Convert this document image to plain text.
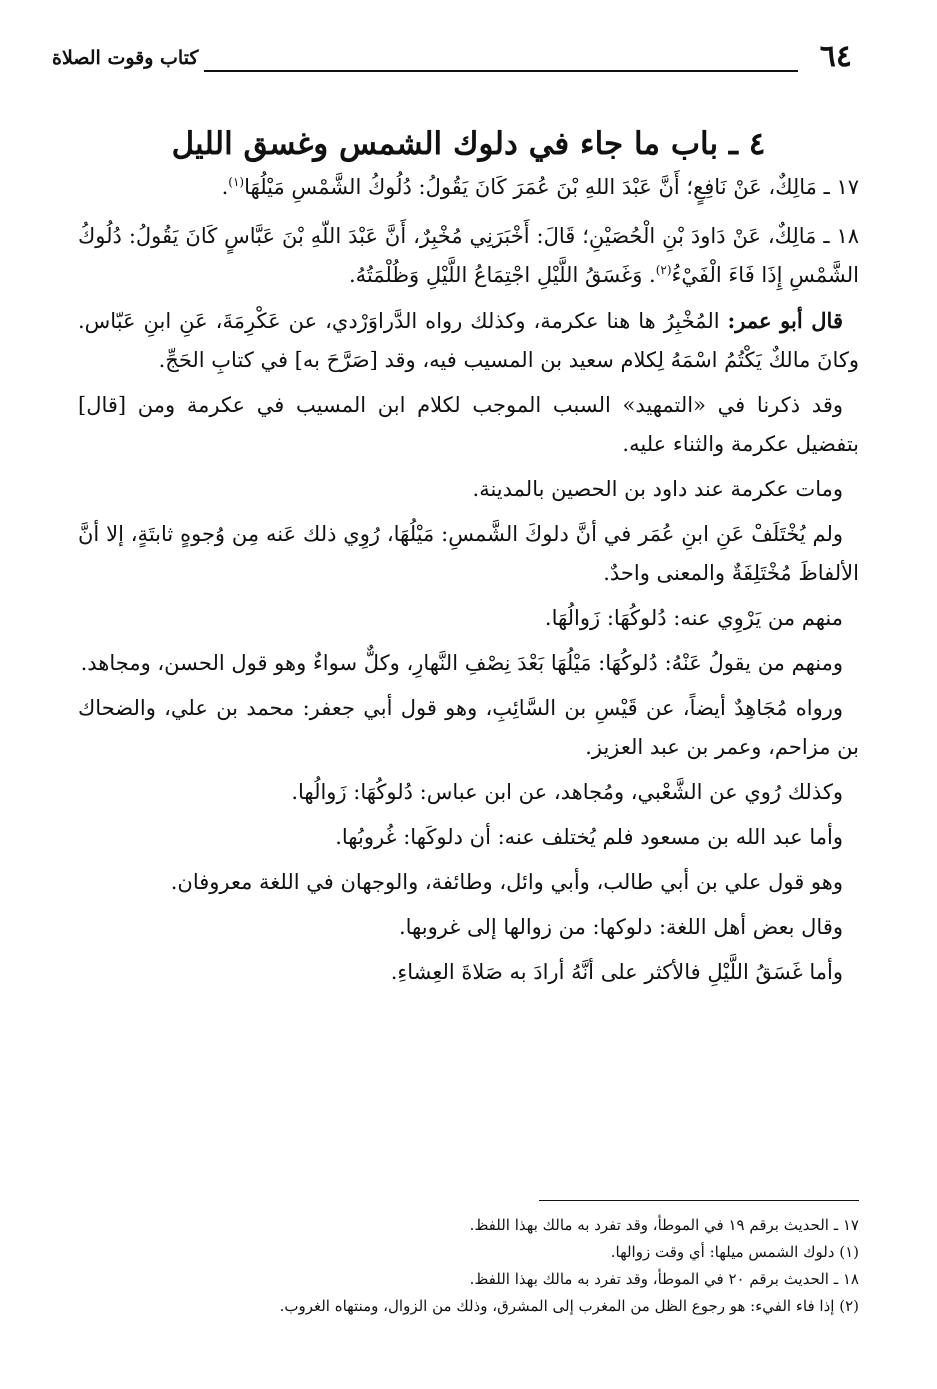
٦٤
كتاب وقوت الصلاة
٤ ـ باب ما جاء في دلوك الشمس وغسق الليل

١٧ ـ مَالِكٌ، عَنْ نَافِعٍ؛ أَنَّ عَبْدَ اللهِ بْنَ عُمَرَ كَانَ يَقُولُ: دُلُوكُ الشَّمْسِ مَيْلُهَا$^{(١)}$.

١٨ ـ مَالِكٌ، عَنْ دَاودَ بْنِ الْحُصَيْنِ؛ قَالَ: أَخْبَرَنِي مُخْبِرٌ، أَنَّ عَبْدَ اللّهِ بْنَ عَبَّاسٍ كَانَ يَقُولُ: دُلُوكُ الشَّمْسِ إِذَا فَاءَ الْفَيْءُ$^{(٢)}$. وَغَسَقُ اللَّيْلِ اجْتِمَاعُ اللَّيْلِ وَظُلْمَتُهُ.

قال أبو عمر: المُخْبِرُ ها هنا عكرمة، وكذلك رواه الدَّراوَرْدي، عن عَكْرِمَةَ، عَنِ ابنِ عَبّاس. وكانَ مالكٌ يَكْتُمُ اسْمَهُ لِكلام سعيد بن المسيب فيه، وقد [صَرَّحَ به] في كتابِ الحَجِّ.

وقد ذكرنا في «التمهيد» السبب الموجب لكلام ابن المسيب في عكرمة ومن [قال] بتفضيل عكرمة والثناء عليه.

ومات عكرمة عند داود بن الحصين بالمدينة.

ولم يُخْتَلَفْ عَنِ ابنِ عُمَر في أنَّ دلوكَ الشَّمسِ: مَيْلُهَا، رُوِي ذلك عَنه مِن وُجوهٍ ثابتَةٍ، إلا أنَّ الألفاظَ مُخْتَلِفَةٌ والمعنى واحدٌ.

منهم من يَرْوِي عنه: دُلوكُهَا: زَوالُهَا.

ومنهم من يقولُ عَنْهُ: دُلوكُهَا: مَيْلُهَا بَعْدَ نِصْفِ النَّهارِ، وكلٌّ سواءٌ وهو قول الحسن، ومجاهد.

ورواه مُجَاهِدٌ أيضاً، عن قَيْسِ بن السَّائِبِ، وهو قول أبي جعفر: محمد بن علي، والضحاك بن مزاحم، وعمر بن عبد العزيز.

وكذلك رُوي عن الشَّعْبي، ومُجاهد، عن ابن عباس: دُلوكُهَا: زَوالُها.

وأما عبد الله بن مسعود فلم يُختلف عنه: أن دلوكَها: غُروبُها.

وهو قول علي بن أبي طالب، وأبي وائل، وطائفة، والوجهان في اللغة معروفان.

وقال بعض أهل اللغة: دلوكها: من زوالها إلى غروبها.

وأما غَسَقُ اللَّيْلِ فالأكثر على أنَّهُ أرادَ به صَلاةَ العِشاءِ.

١٧ ـ الحديث برقم ١٩ في الموطأ، وقد تفرد به مالك بهذا اللفظ.

(١) دلوك الشمس ميلها: أي وقت زوالها.

١٨ ـ الحديث برقم ٢٠ في الموطأ، وقد تفرد به مالك بهذا اللفظ.

(٢) إذا فاء الفيء: هو رجوع الظل من المغرب إلى المشرق، وذلك من الزوال، ومنتهاه الغروب.
